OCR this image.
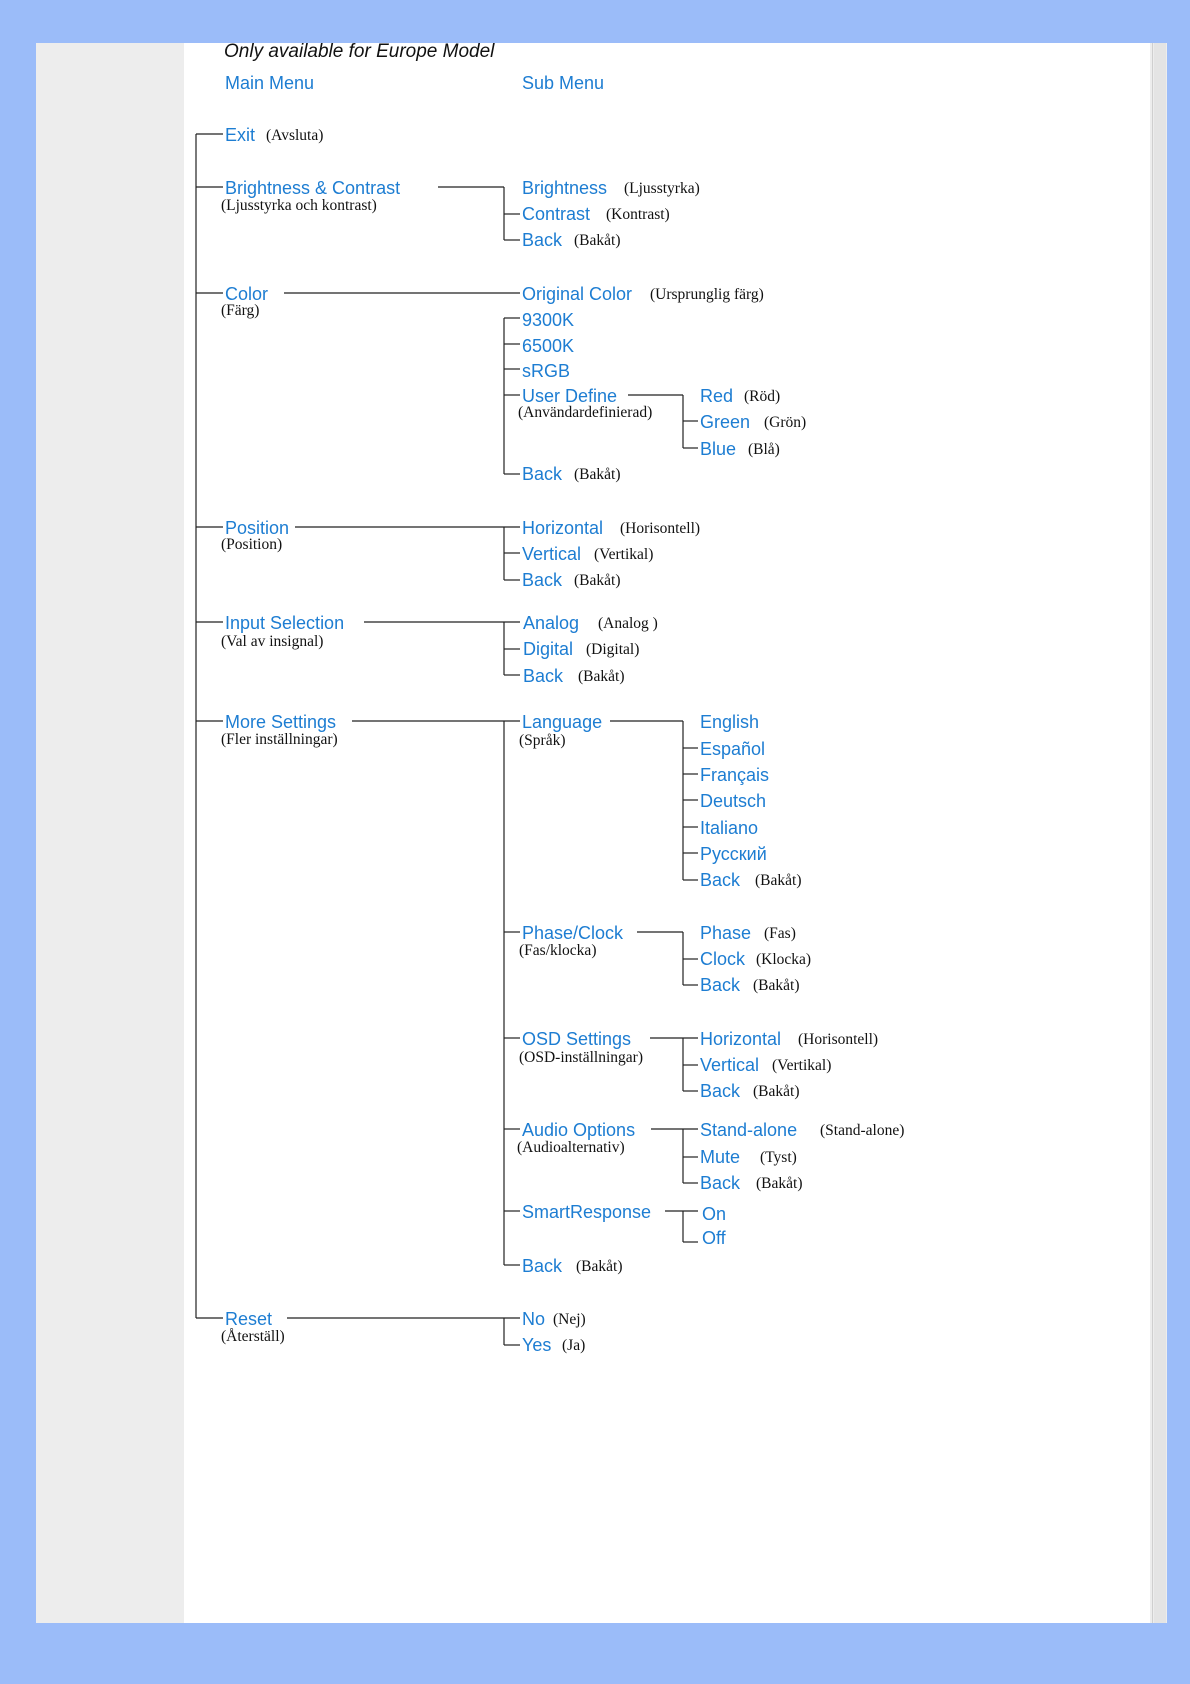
Only available for Europe Model
Main Menu	Sub Menu
Exit (Avsluta)
Brightness & Contrast
(Ljusstyrka och kontrast)
Brightness (Ljusstyrka)
Contrast (Kontrast)
Back (Bakåt)
Color
(Färg)
Original Color (Ursprunglig färg)
9300K
6500K
sRGB
User Define
(Användardefinierad)
Red (Röd)
Green (Grön)
Blue (Blå)
Back (Bakåt)
Position
(Position)
Horizontal (Horisontell)
Vertical (Vertikal)
Back (Bakåt)
Input Selection
(Val av insignal)
Analog (Analog )
Digital (Digital)
Back (Bakåt)
More Settings
(Fler inställningar)
Language
(Språk)
English
Español
Français
Deutsch
Italiano
Русский
Back (Bakåt)
Phase/Clock
(Fas/klocka)
Phase (Fas)
Clock (Klocka)
Back (Bakåt)
OSD Settings
(OSD-inställningar)
Horizontal (Horisontell)
Vertical (Vertikal)
Back (Bakåt)
Audio Options
(Audioalternativ)
Stand-alone (Stand-alone)
Mute (Tyst)
Back (Bakåt)
SmartResponse	On
Off
Back (Bakåt)
Reset
(Återställ)
No (Nej)
Yes (Ja)
